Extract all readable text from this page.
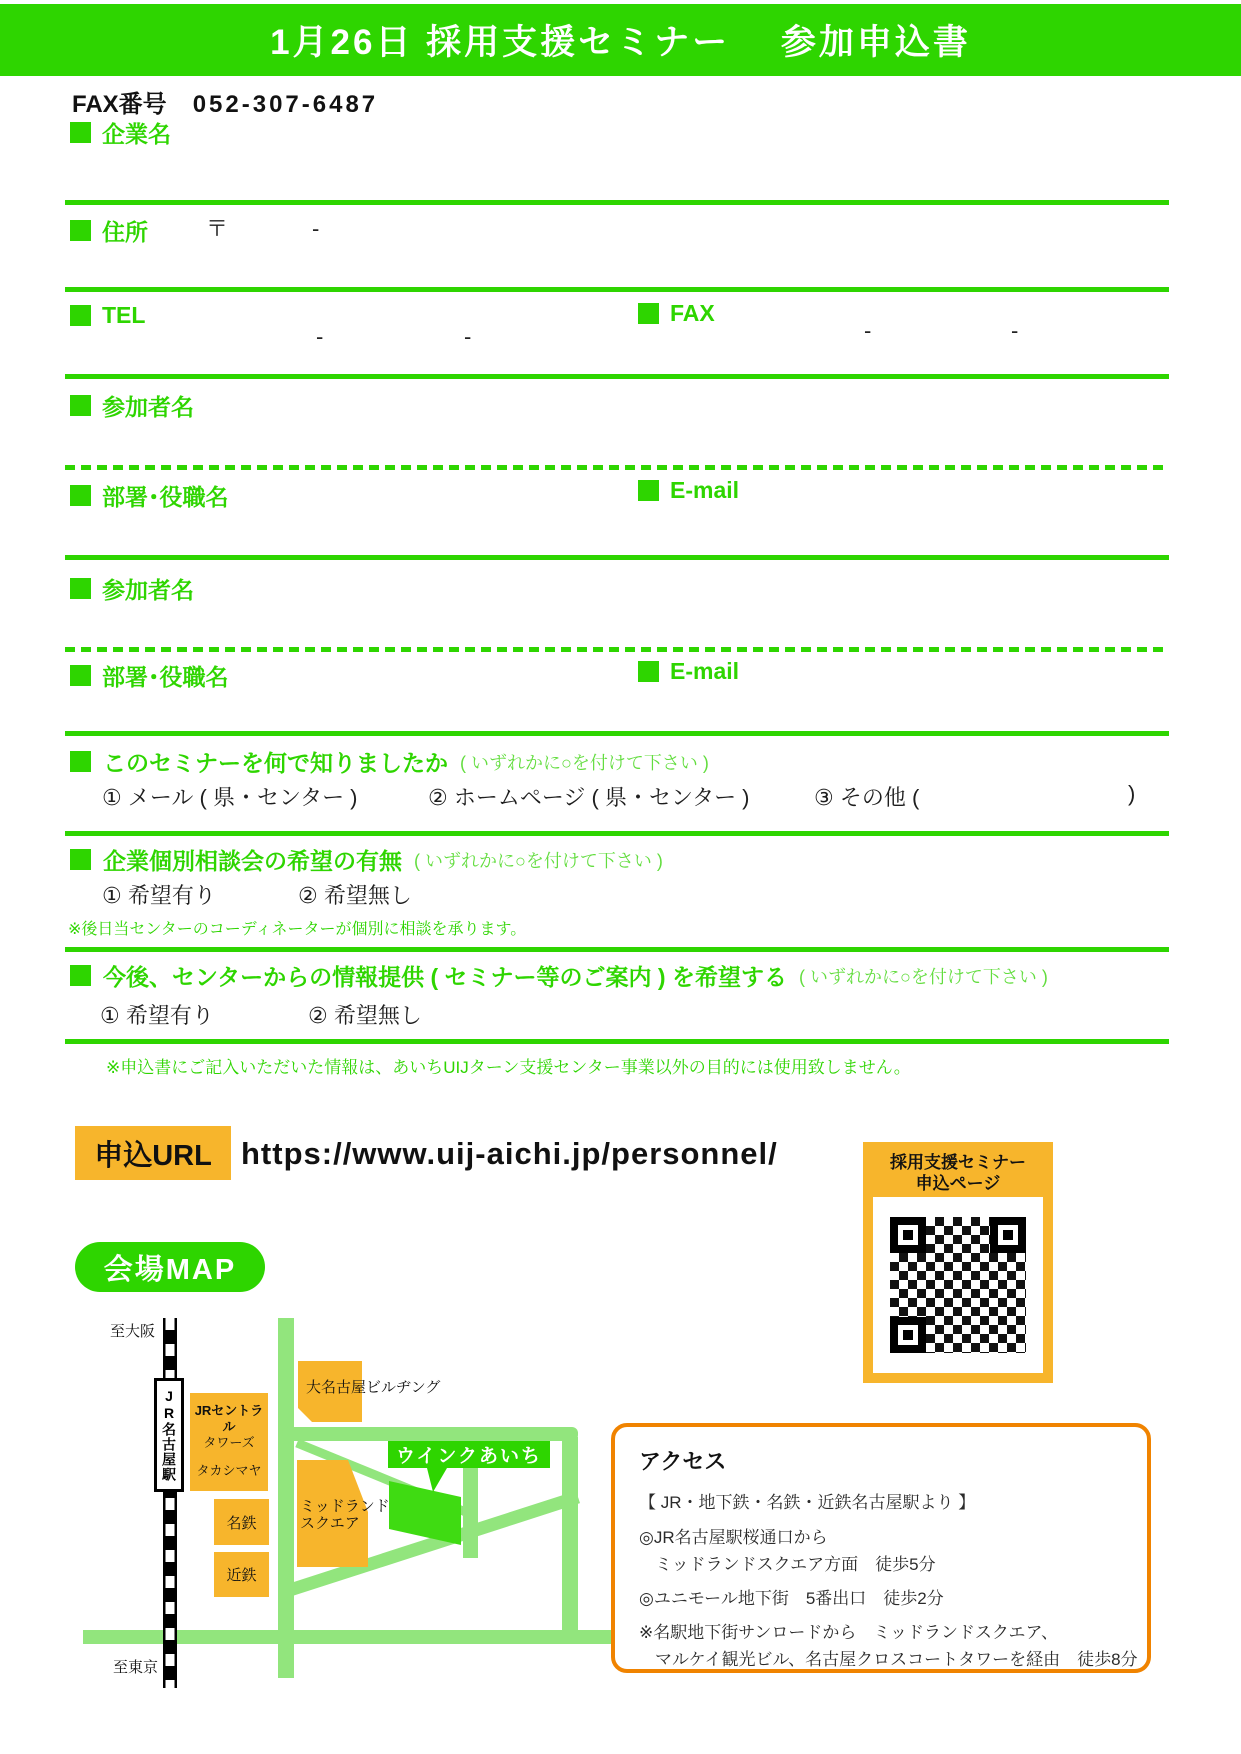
1月26日 採用支援セミナー　 参加申込書
FAX番号 052-307-6487
企業名
住所	〒	-
TEL	FAX
-	-	-	-
参加者名
部署･役職名	E-mail
参加者名
部署･役職名	E-mail
このセミナーを何で知りましたか ( いずれかに○を付けて下さい )
① メール ( 県・センター )	② ホームページ ( 県・センター )	③ その他 (	)
企業個別相談会の希望の有無 ( いずれかに○を付けて下さい )
① 希望有り	② 希望無し
※後日当センターのコーディネーターが個別に相談を承ります。
今後、センターからの情報提供 ( セミナー等のご案内 ) を希望する ( いずれかに○を付けて下さい )
① 希望有り	② 希望無し
※申込書にご記入いただいた情報は、あいちUIJターン支援センター事業以外の目的には使用致しません。
申込URL https://www.uij-aichi.jp/personnel/	採用支援セミナー
申込ページ
会場MAP
至大阪
JR名古屋駅	JRセントラル
タワーズ
タカシマヤ
名鉄
近鉄
大名古屋ビルヂング
ミッドランド
スクエア
ウインクあいち
至東京
アクセス
【 JR・地下鉄・名鉄・近鉄名古屋駅より 】
◎JR名古屋駅桜通口から
ミッドランドスクエア方面　徒歩5分
◎ユニモール地下街　5番出口　徒歩2分
※名駅地下街サンロードから　ミッドランドスクエア、
マルケイ観光ビル、名古屋クロスコートタワーを経由　徒歩8分
